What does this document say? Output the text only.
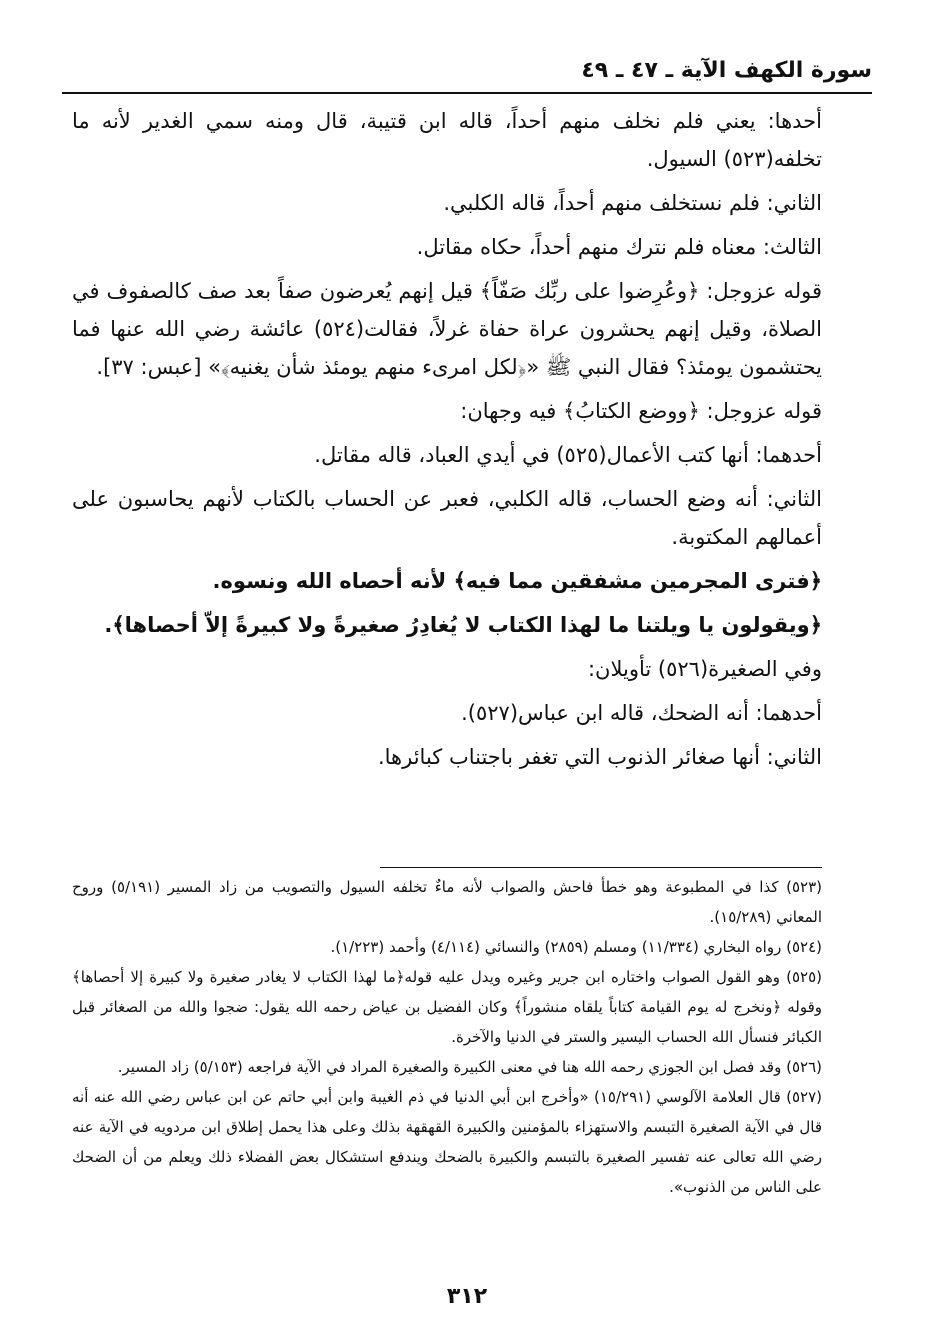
سورة الكهف الآية ـ ٤٧ ـ ٤٩

أحدها: يعني فلم نخلف منهم أحداً، قاله ابن قتيبة، قال ومنه سمي الغدير لأنه ما تخلفه(٥٢٣) السيول.

الثاني: فلم نستخلف منهم أحداً، قاله الكلبي.

الثالث: معناه فلم نترك منهم أحداً، حكاه مقاتل.

قوله عزوجل: ﴿وعُرِضوا على ربِّك صَفّاً﴾ قيل إنهم يُعرضون صفاً بعد صف كالصفوف في الصلاة، وقيل إنهم يحشرون عراة حفاة غرلاً، فقالت(٥٢٤) عائشة رضي الله عنها فما يحتشمون يومئذ؟ فقال النبي ﷺ «﴿لكل امرىء منهم يومئذ شأن يغنيه﴾» [عبس: ٣٧].

قوله عزوجل: ﴿ووضع الكتابُ﴾ فيه وجهان:

أحدهما: أنها كتب الأعمال(٥٢٥) في أيدي العباد، قاله مقاتل.

الثاني: أنه وضع الحساب، قاله الكلبي، فعبر عن الحساب بالكتاب لأنهم يحاسبون على أعمالهم المكتوبة.

﴿فترى المجرمين مشفقين مما فيه﴾ لأنه أحصاه الله ونسوه.

﴿ويقولون يا ويلتنا ما لهذا الكتاب لا يُغادِرُ صغيرةً ولا كبيرةً إلاّ أحصاها﴾.

وفي الصغيرة(٥٢٦) تأويلان:

أحدهما: أنه الضحك، قاله ابن عباس(٥٢٧).

الثاني: أنها صغائر الذنوب التي تغفر باجتناب كبائرها.

(٥٢٣) كذا في المطبوعة وهو خطأ فاحش والصواب لأنه ماءٌ تخلفه السيول والتصويب من زاد المسير (٥/١٩١) وروح المعاني (١٥/٢٨٩).

(٥٢٤) رواه البخاري (١١/٣٣٤) ومسلم (٢٨٥٩) والنسائي (٤/١١٤) وأحمد (١/٢٢٣).

(٥٢٥) وهو القول الصواب واختاره ابن جرير وغيره ويدل عليه قوله﴿ما لهذا الكتاب لا يغادر صغيرة ولا كبيرة إلا أحصاها﴾وقوله ﴿ونخرج له يوم القيامة كتاباً يلقاه منشوراً﴾ وكان الفضيل بن عياض رحمه الله يقول: ضجوا والله من الصغائر قبل الكبائر فنسأل الله الحساب اليسير والستر في الدنيا والآخرة.

(٥٢٦) وقد فصل ابن الجوزي رحمه الله هنا في معنى الكبيرة والصغيرة المراد في الآية فراجعه (٥/١٥٣) زاد المسير.

(٥٢٧) قال العلامة الآلوسي (١٥/٢٩١) «وأخرج ابن أبي الدنيا في ذم الغيبة وابن أبي حاتم عن ابن عباس رضي الله عنه أنه قال في الآية الصغيرة التبسم والاستهزاء بالمؤمنين والكبيرة القهقهة بذلك وعلى هذا يحمل إطلاق ابن مردويه في الآية عنه رضي الله تعالى عنه تفسير الصغيرة بالتبسم والكبيرة بالضحك ويندفع استشكال بعض الفضلاء ذلك ويعلم من أن الضحك على الناس من الذنوب».

٣١٢
